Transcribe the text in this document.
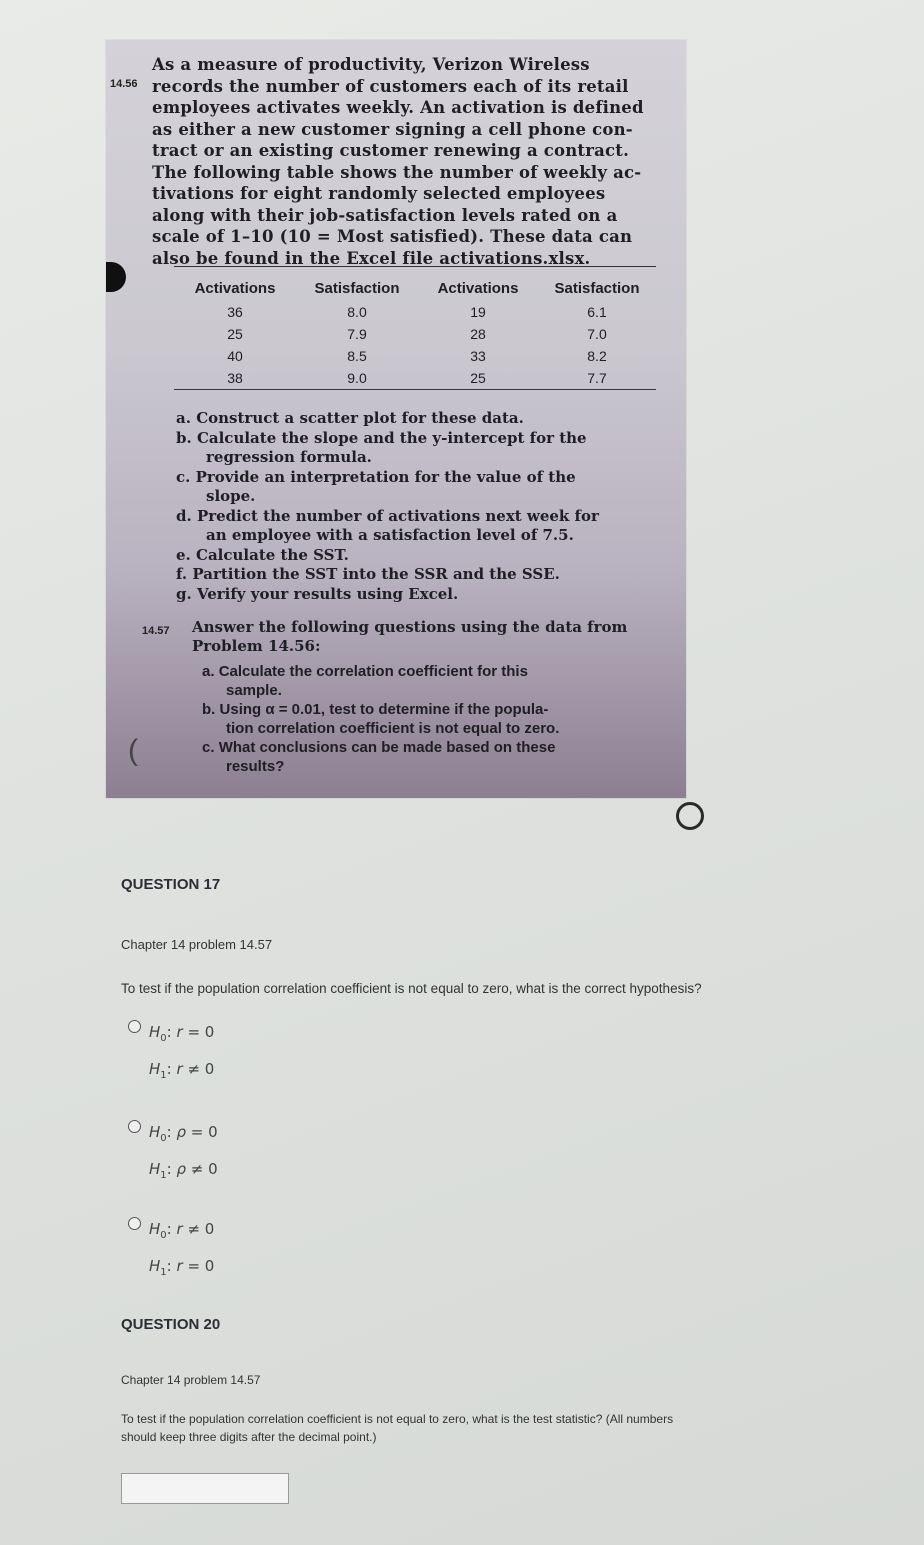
14.56
As a measure of productivity, Verizon Wireless
records the number of customers each of its retail
employees activates weekly. An activation is defined
as either a new customer signing a cell phone con-
tract or an existing customer renewing a contract.
The following table shows the number of weekly ac-
tivations for eight randomly selected employees
along with their job-satisfaction levels rated on a
scale of 1–10 (10 = Most satisfied). These data can
also be found in the Excel file activations.xlsx.
Activations	Satisfaction	Activations	Satisfaction
36	8.0	19	6.1
25	7.9	28	7.0
40	8.5	33	8.2
38	9.0	25	7.7
a. Construct a scatter plot for these data.
b. Calculate the slope and the y-intercept for the
regression formula.
c. Provide an interpretation for the value of the
slope.
d. Predict the number of activations next week for
an employee with a satisfaction level of 7.5.
e. Calculate the SST.
f. Partition the SST into the SSR and the SSE.
g. Verify your results using Excel.
14.57	Answer the following questions using the data from
Problem 14.56:
a. Calculate the correlation coefficient for this
sample.
b. Using α = 0.01, test to determine if the popula-
tion correlation coefficient is not equal to zero.
c. What conclusions can be made based on these
results?
(
QUESTION 17
Chapter 14 problem 14.57
To test if the population correlation coefficient is not equal to zero, what is the correct hypothesis?
$H_0$: r = 0
$H_1$: r ≠ 0
$H_0$: ρ = 0
$H_1$: ρ ≠ 0
$H_0$: r ≠ 0
$H_1$: r = 0
QUESTION 20
Chapter 14 problem 14.57
To test if the population correlation coefficient is not equal to zero, what is the test statistic? (All numbers
should keep three digits after the decimal point.)
